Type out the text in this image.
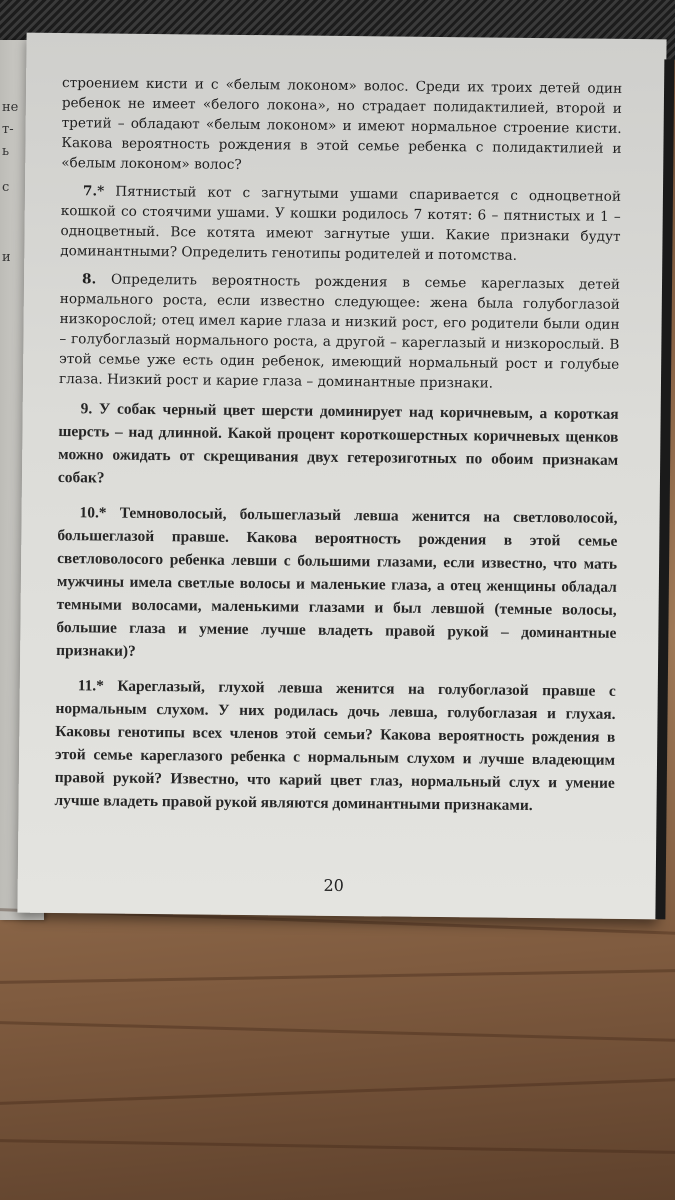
не
т-
ь
с
и

строением кисти и с «белым локоном» волос. Среди их троих детей один ребенок не имеет «белого локона», но страдает полидактилией, второй и третий – обладают «белым локоном» и имеют нормальное строение кисти. Какова вероятность рождения в этой семье ребенка с полидактилией и «белым локоном» волос?

7.* Пятнистый кот с загнутыми ушами спаривается с одноцветной кошкой со стоячими ушами. У кошки родилось 7 котят: 6 – пятнистых и 1 – одноцветный. Все котята имеют загнутые уши. Какие признаки будут доминантными? Определить генотипы родителей и потомства.

8. Определить вероятность рождения в семье кареглазых детей нормального роста, если известно следующее: жена была голубоглазой низкорослой; отец имел карие глаза и низкий рост, его родители были один – голубоглазый нормального роста, а другой – кареглазый и низкорослый. В этой семье уже есть один ребенок, имеющий нормальный рост и голубые глаза. Низкий рост и карие глаза – доминантные признаки.

9. У собак черный цвет шерсти доминирует над коричневым, а короткая шерсть – над длинной. Какой процент короткошерстных коричневых щенков можно ожидать от скрещивания двух гетерозиготных по обоим признакам собак?

10.* Темноволосый, большеглазый левша женится на светловолосой, большеглазой правше. Какова вероятность рождения в этой семье светловолосого ребенка левши с большими глазами, если известно, что мать мужчины имела светлые волосы и маленькие глаза, а отец женщины обладал темными волосами, маленькими глазами и был левшой (темные волосы, большие глаза и умение лучше владеть правой рукой – доминантные признаки)?

11.* Кареглазый, глухой левша женится на голубоглазой правше с нормальным слухом. У них родилась дочь левша, голубоглазая и глухая. Каковы генотипы всех членов этой семьи? Какова вероятность рождения в этой семье кареглазого ребенка с нормальным слухом и лучше владеющим правой рукой? Известно, что карий цвет глаз, нормальный слух и умение лучше владеть правой рукой являются доминантными признаками.

20
